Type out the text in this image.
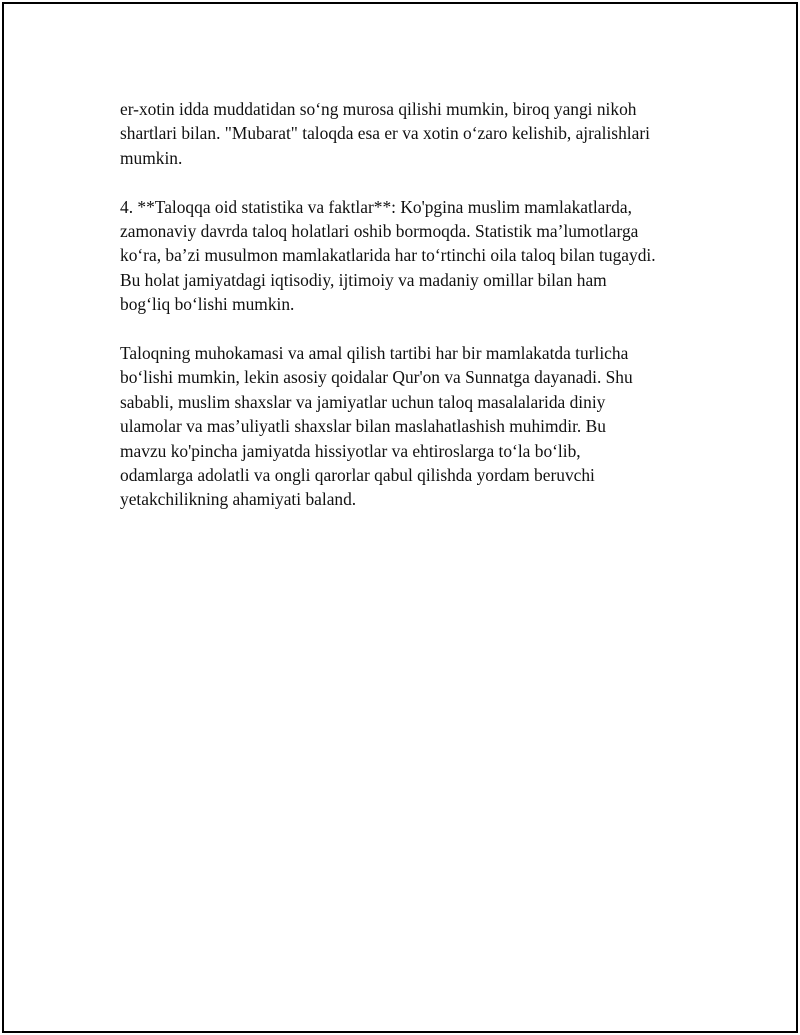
er-xotin idda muddatidan so‘ng murosa qilishi mumkin, biroq yangi nikoh
shartlari bilan. "Mubarat" taloqda esa er va xotin o‘zaro kelishib, ajralishlari
mumkin.

4. **Taloqqa oid statistika va faktlar**: Ko'pgina muslim mamlakatlarda,
zamonaviy davrda taloq holatlari oshib bormoqda. Statistik ma’lumotlarga
ko‘ra, ba’zi musulmon mamlakatlarida har to‘rtinchi oila taloq bilan tugaydi.
Bu holat jamiyatdagi iqtisodiy, ijtimoiy va madaniy omillar bilan ham
bog‘liq bo‘lishi mumkin.

Taloqning muhokamasi va amal qilish tartibi har bir mamlakatda turlicha
bo‘lishi mumkin, lekin asosiy qoidalar Qur'on va Sunnatga dayanadi. Shu
sababli, muslim shaxslar va jamiyatlar uchun taloq masalalarida diniy
ulamolar va mas’uliyatli shaxslar bilan maslahatlashish muhimdir. Bu
mavzu ko'pincha jamiyatda hissiyotlar va ehtiroslarga to‘la bo‘lib,
odamlarga adolatli va ongli qarorlar qabul qilishda yordam beruvchi
yetakchilikning ahamiyati baland.
